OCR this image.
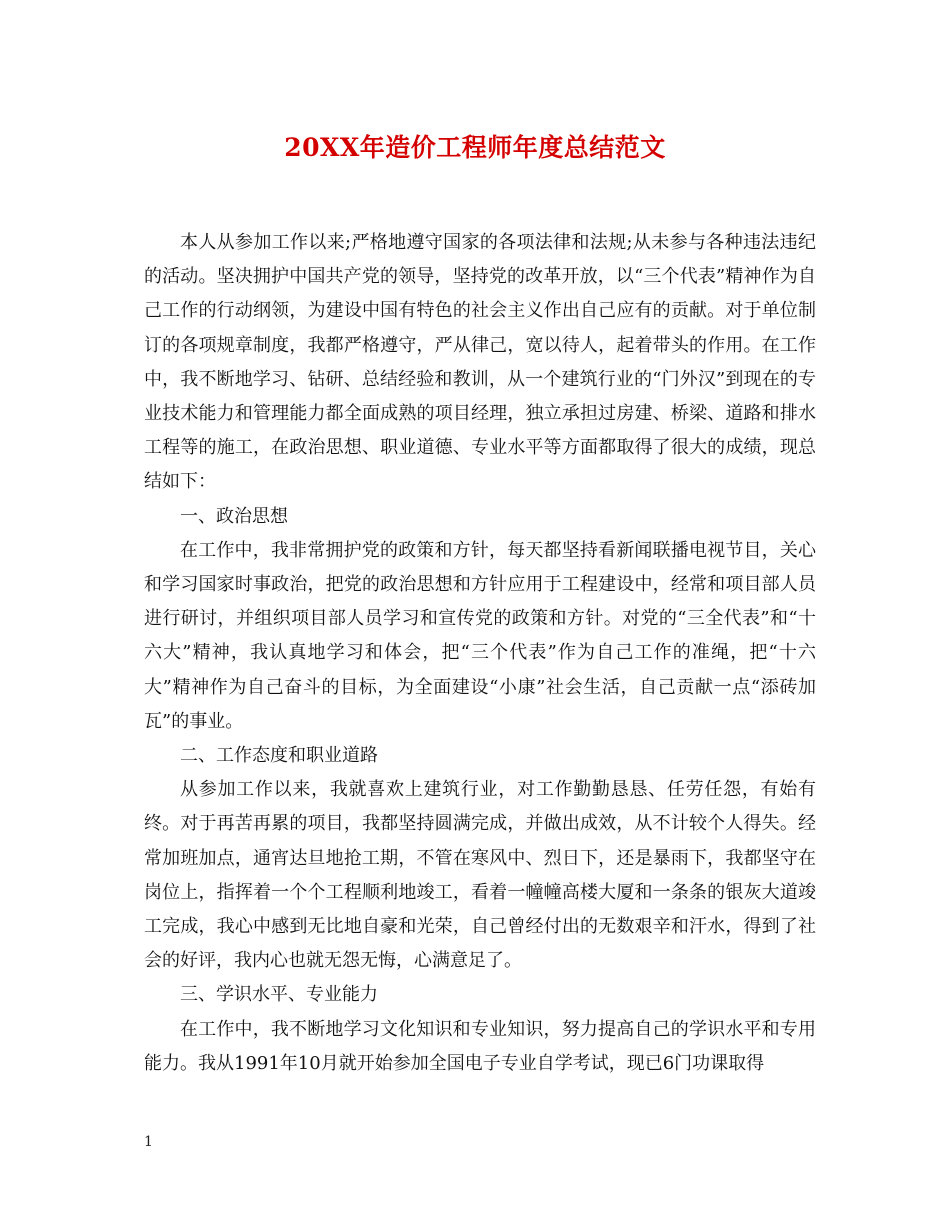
20XX年造价工程师年度总结范文

本人从参加工作以来;严格地遵守国家的各项法律和法规;从未参与各种违法违纪的活动。坚决拥护中国共产党的领导，坚持党的改革开放，以“三个代表”精神作为自己工作的行动纲领，为建设中国有特色的社会主义作出自己应有的贡献。对于单位制订的各项规章制度，我都严格遵守，严从律己，宽以待人，起着带头的作用。在工作中，我不断地学习、钻研、总结经验和教训，从一个建筑行业的“门外汉”到现在的专业技术能力和管理能力都全面成熟的项目经理，独立承担过房建、桥梁、道路和排水工程等的施工，在政治思想、职业道德、专业水平等方面都取得了很大的成绩，现总结如下：

一、政治思想

在工作中，我非常拥护党的政策和方针，每天都坚持看新闻联播电视节目，关心和学习国家时事政治，把党的政治思想和方针应用于工程建设中，经常和项目部人员进行研讨，并组织项目部人员学习和宣传党的政策和方针。对党的“三全代表”和“十六大”精神，我认真地学习和体会，把“三个代表”作为自己工作的准绳，把“十六大”精神作为自己奋斗的目标，为全面建设“小康”社会生活，自己贡献一点“添砖加瓦”的事业。

二、工作态度和职业道路

从参加工作以来，我就喜欢上建筑行业，对工作勤勤恳恳、任劳任怨，有始有终。对于再苦再累的项目，我都坚持圆满完成，并做出成效，从不计较个人得失。经常加班加点，通宵达旦地抢工期，不管在寒风中、烈日下，还是暴雨下，我都坚守在岗位上，指挥着一个个工程顺利地竣工，看着一幢幢高楼大厦和一条条的银灰大道竣工完成，我心中感到无比地自豪和光荣，自己曾经付出的无数艰辛和汗水，得到了社会的好评，我内心也就无怨无悔，心满意足了。

三、学识水平、专业能力

在工作中，我不断地学习文化知识和专业知识，努力提高自己的学识水平和专用能力。我从1991年10月就开始参加全国电子专业自学考试，现已6门功课取得

1
